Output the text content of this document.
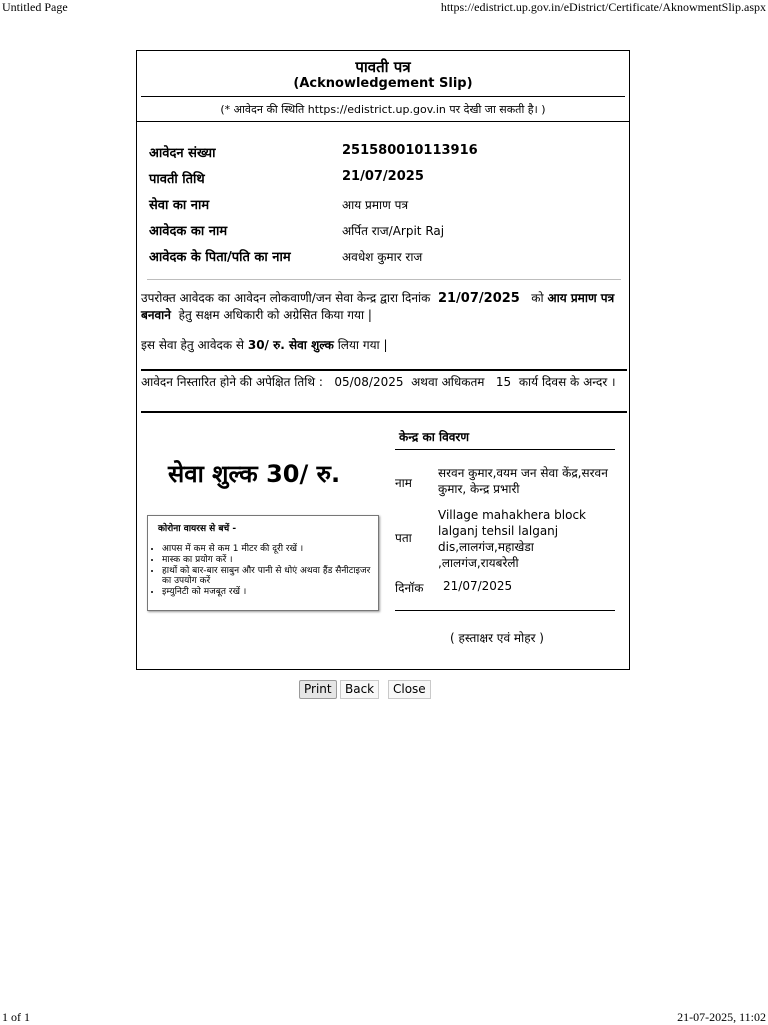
Untitled Page	https://edistrict.up.gov.in/eDistrict/Certificate/AknowmentSlip.aspx
1 of 1	21-07-2025, 11:02
पावती पत्र
(Acknowledgement Slip)
(* आवेदन की स्थिति https://edistrict.up.gov.in पर देखी जा सकती है। )
आवेदन संख्या	251580010113916
पावती तिथि	21/07/2025
सेवा का नाम	आय प्रमाण पत्र
आवेदक का नाम	अर्पित राज/Arpit Raj
आवेदक के पिता/पति का नाम	अवधेश कुमार राज
उपरोक्त आवेदक का आवेदन लोकवाणी/जन सेवा केन्द्र द्वारा दिनांक 21/07/2025 को आय प्रमाण पत्र बनवाने हेतु सक्षम अधिकारी को अग्रेसित किया गया |
इस सेवा हेतु आवेदक से 30/ रु. सेवा शुल्क लिया गया |
आवेदन निस्तारित होने की अपेक्षित तिथि : 05/08/2025 अथवा अधिकतम 15 कार्य दिवस के अन्दर ।
सेवा शुल्क 30/ रु.
कोरोना वायरस से बचें -
• आपस में कम से कम 1 मीटर की दूरी रखें ।
• मास्क का प्रयोग करें ।
• हाथों को बार-बार साबुन और पानी से धोएं अथवा हैंड सैनीटाइजर का उपयोग करें
• इम्युनिटी को मजबूत रखें ।
केन्द्र का विवरण
नाम
सरवन कुमार,वयम जन सेवा केंद्र,सरवन कुमार, केन्द्र प्रभारी
पता
Village mahakhera block lalganj tehsil lalganj dis,लालगंज,महाखेडा ,लालगंज,रायबरेली
दिनॉक 21/07/2025
( हस्ताक्षर एवं मोहर )
Print	Back	Close
